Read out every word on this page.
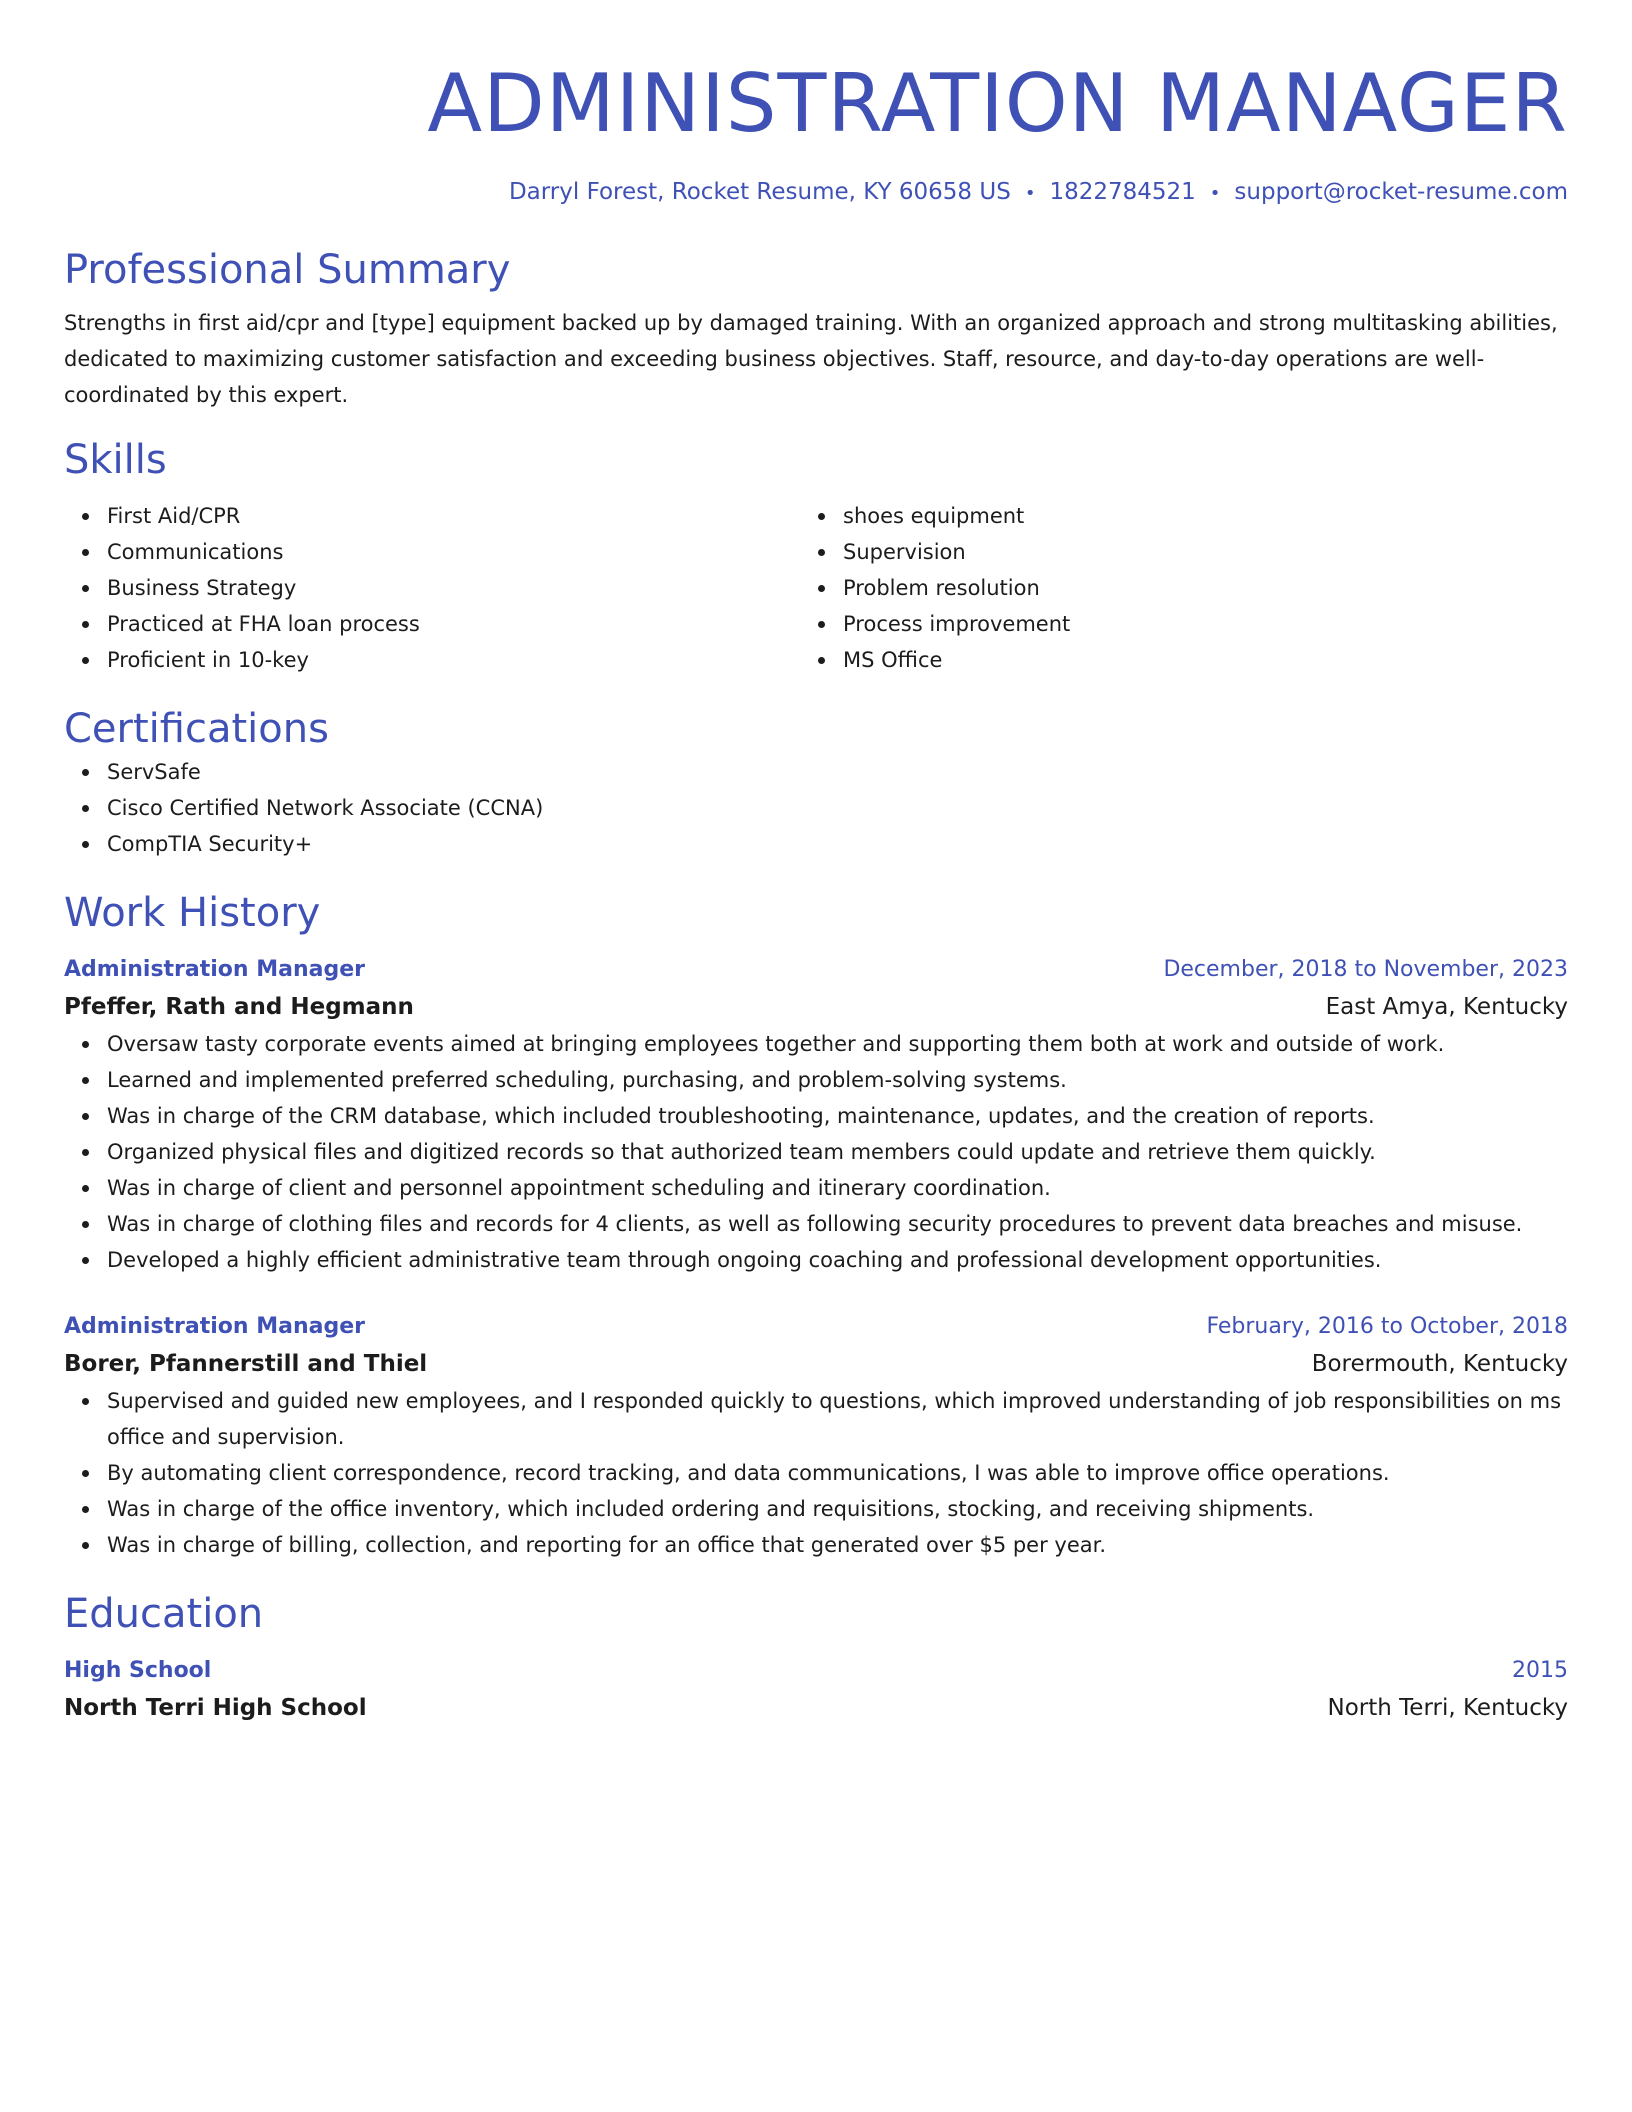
ADMINISTRATION MANAGER
Darryl Forest, Rocket Resume, KY 60658 US • 1822784521 • support@rocket-resume.com
Professional Summary

Strengths in first aid/cpr and [type] equipment backed up by damaged training. With an organized approach and strong multitasking abilities, dedicated to maximizing customer satisfaction and exceeding business objectives. Staff, resource, and day-to-day operations are well-coordinated by this expert.

Skills
First Aid/CPR
Communications
Business Strategy
Practiced at FHA loan process
Proficient in 10-key
shoes equipment
Supervision
Problem resolution
Process improvement
MS Office
Certifications
ServSafe
Cisco Certified Network Associate (CCNA)
CompTIA Security+
Work History
Administration Manager	December, 2018 to November, 2023
Pfeffer, Rath and Hegmann	East Amya, Kentucky
Oversaw tasty corporate events aimed at bringing employees together and supporting them both at work and outside of work.
Learned and implemented preferred scheduling, purchasing, and problem-solving systems.
Was in charge of the CRM database, which included troubleshooting, maintenance, updates, and the creation of reports.
Organized physical files and digitized records so that authorized team members could update and retrieve them quickly.
Was in charge of client and personnel appointment scheduling and itinerary coordination.
Was in charge of clothing files and records for 4 clients, as well as following security procedures to prevent data breaches and misuse.
Developed a highly efficient administrative team through ongoing coaching and professional development opportunities.
Administration Manager	February, 2016 to October, 2018
Borer, Pfannerstill and Thiel	Borermouth, Kentucky
Supervised and guided new employees, and I responded quickly to questions, which improved understanding of job responsibilities on ms office and supervision.
By automating client correspondence, record tracking, and data communications, I was able to improve office operations.
Was in charge of the office inventory, which included ordering and requisitions, stocking, and receiving shipments.
Was in charge of billing, collection, and reporting for an office that generated over $5 per year.
Education
High School	2015
North Terri High School	North Terri, Kentucky
